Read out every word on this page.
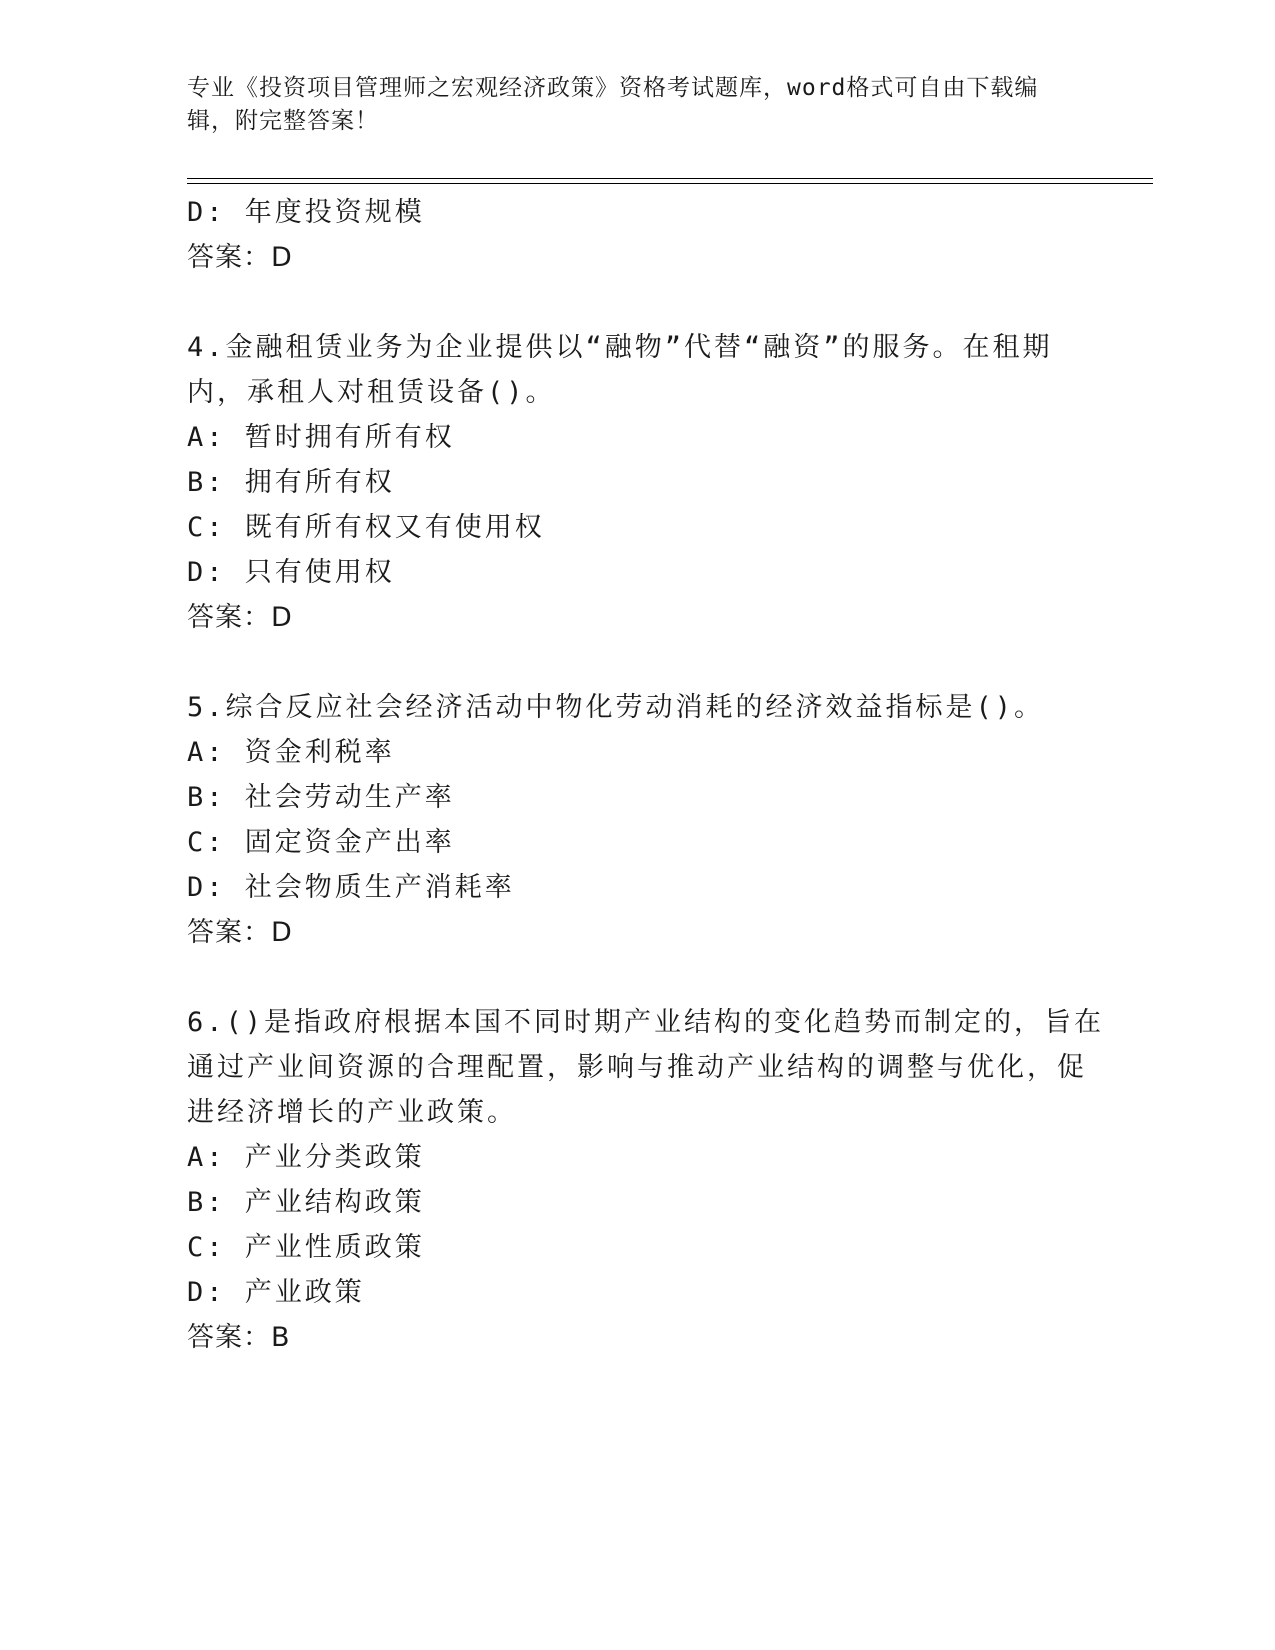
专业《投资项目管理师之宏观经济政策》资格考试题库，word格式可自由下载编辑，附完整答案！
D: 年度投资规模
答案：D
4.金融租赁业务为企业提供以“融物”代替“融资”的服务。在租期
内，承租人对租赁设备()。
A: 暂时拥有所有权
B: 拥有所有权
C: 既有所有权又有使用权
D: 只有使用权
答案：D
5.综合反应社会经济活动中物化劳动消耗的经济效益指标是()。
A: 资金利税率
B: 社会劳动生产率
C: 固定资金产出率
D: 社会物质生产消耗率
答案：D
6.()是指政府根据本国不同时期产业结构的变化趋势而制定的，旨在
通过产业间资源的合理配置，影响与推动产业结构的调整与优化，促
进经济增长的产业政策。
A: 产业分类政策
B: 产业结构政策
C: 产业性质政策
D: 产业政策
答案：B
